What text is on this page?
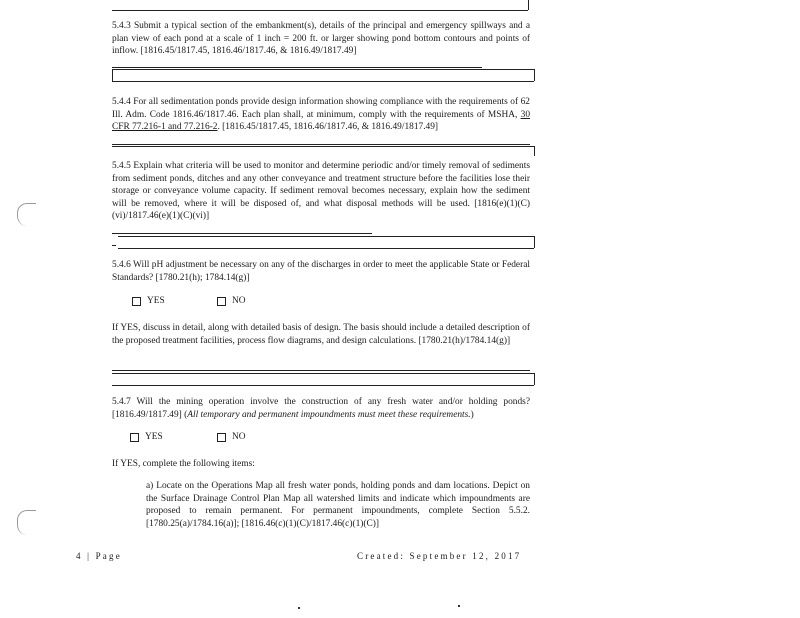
5.4.3 Submit a typical section of the embankment(s), details of the principal and emergency spillways and a plan view of each pond at a scale of 1 inch = 200 ft. or larger showing pond bottom contours and points of inflow. [1816.45/1817.45, 1816.46/1817.46, & 1816.49/1817.49]
5.4.4 For all sedimentation ponds provide design information showing compliance with the requirements of 62 Ill. Adm. Code 1816.46/1817.46. Each plan shall, at minimum, comply with the requirements of MSHA, 30 CFR 77.216-1 and 77.216-2. [1816.45/1817.45, 1816.46/1817.46, & 1816.49/1817.49]
5.4.5 Explain what criteria will be used to monitor and determine periodic and/or timely removal of sediments from sediment ponds, ditches and any other conveyance and treatment structure before the facilities lose their storage or conveyance volume capacity. If sediment removal becomes necessary, explain how the sediment will be removed, where it will be disposed of, and what disposal methods will be used. [1816(e)(1)(C)(vi)/1817.46(e)(1)(C)(vi)]
5.4.6 Will pH adjustment be necessary on any of the discharges in order to meet the applicable State or Federal Standards? [1780.21(h); 1784.14(g)]
YES	NO
If YES, discuss in detail, along with detailed basis of design. The basis should include a detailed description of the proposed treatment facilities, process flow diagrams, and design calculations. [1780.21(h)/1784.14(g)]
5.4.7 Will the mining operation involve the construction of any fresh water and/or holding ponds? [1816.49/1817.49] (All temporary and permanent impoundments must meet these requirements.)
YES	NO
If YES, complete the following items:
a) Locate on the Operations Map all fresh water ponds, holding ponds and dam locations. Depict on the Surface Drainage Control Plan Map all watershed limits and indicate which impoundments are proposed to remain permanent. For permanent impoundments, complete Section 5.5.2. [1780.25(a)/1784.16(a)]; [1816.46(c)(1)(C)/1817.46(c)(1)(C)]
4 | Page	Created: September 12, 2017
